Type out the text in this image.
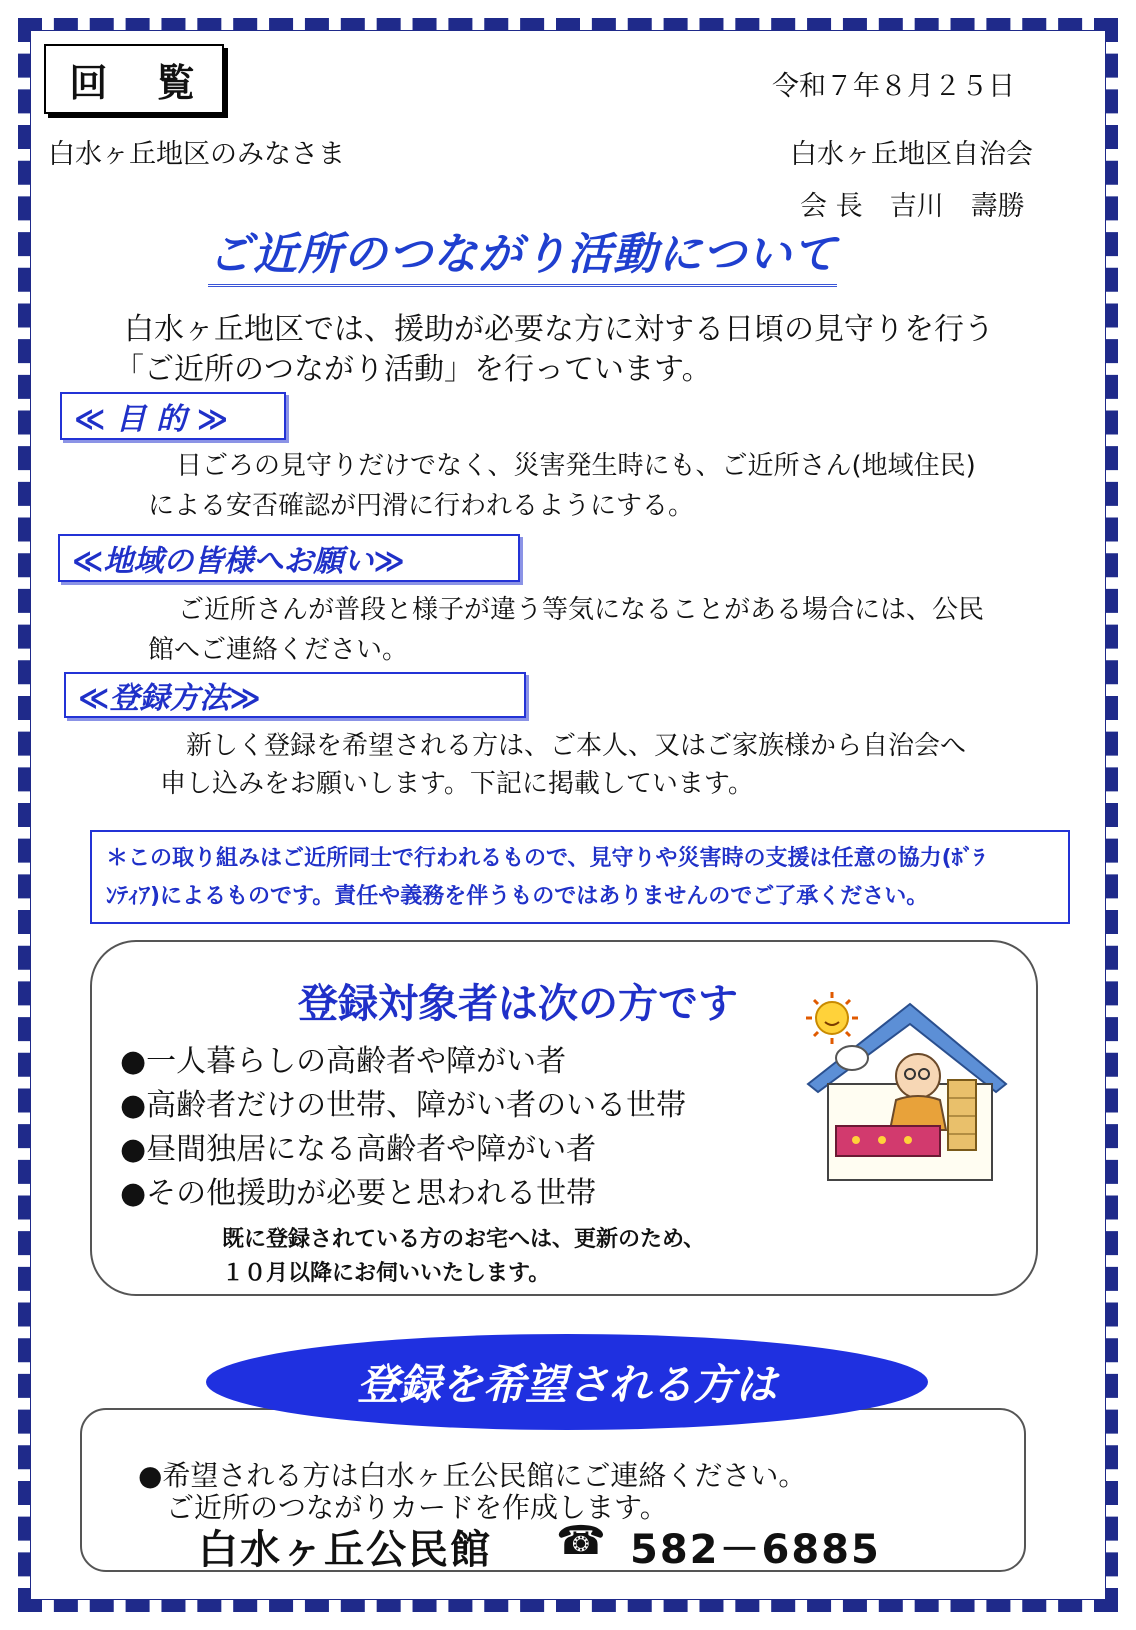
回 覧	令和７年８月２５日
白水ヶ丘地区のみなさま	白水ヶ丘地区自治会
会 長　吉川　壽勝
ご近所のつながり活動について
白水ヶ丘地区では、援助が必要な方に対する日頃の見守りを行う
「ご近所のつながり活動」を行っています。
≪ 目 的 ≫
日ごろの見守りだけでなく、災害発生時にも、ご近所さん(地域住民)
による安否確認が円滑に行われるようにする。
≪地域の皆様へお願い≫
ご近所さんが普段と様子が違う等気になることがある場合には、公民
館へご連絡ください。
≪登録方法≫
新しく登録を希望される方は、ご本人、又はご家族様から自治会へ
申し込みをお願いします。下記に掲載しています。
＊この取り組みはご近所同士で行われるもので、見守りや災害時の支援は任意の協力(ﾎﾞﾗ
ﾝﾃｨｱ)によるものです。責任や義務を伴うものではありませんのでご了承ください。
登録対象者は次の方です
●一人暮らしの高齢者や障がい者
●高齢者だけの世帯、障がい者のいる世帯
●昼間独居になる高齢者や障がい者
●その他援助が必要と思われる世帯
既に登録されている方のお宅へは、更新のため、
１０月以降にお伺いいたします。
登録を希望される方は
●希望される方は白水ヶ丘公民館にご連絡ください。
ご近所のつながりカードを作成します。
白水ヶ丘公民館 ☎ 582－6885
